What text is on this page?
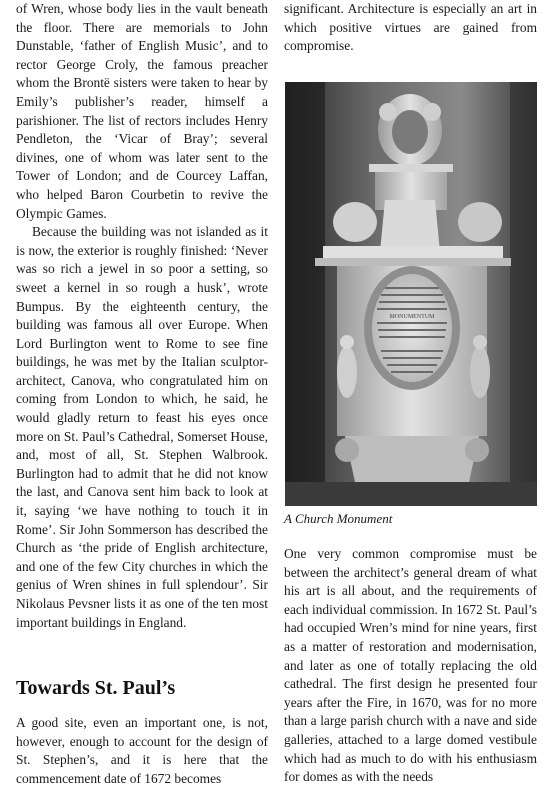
of Wren, whose body lies in the vault beneath the floor. There are memorials to John Dunstable, ‘father of English Music’, and to rector George Croly, the famous preacher whom the Brontë sisters were taken to hear by Emily’s publisher’s reader, himself a parishioner. The list of rectors includes Henry Pendleton, the ‘Vicar of Bray’; several divines, one of whom was later sent to the Tower of London; and de Courcey Laffan, who helped Baron Courbetin to revive the Olympic Games.

Because the building was not islanded as it is now, the exterior is roughly finished: ‘Never was so rich a jewel in so poor a setting, so sweet a kernel in so rough a husk’, wrote Bumpus. By the eighteenth century, the building was famous all over Europe. When Lord Burlington went to Rome to see fine buildings, he was met by the Italian sculptor-architect, Canova, who congratulated him on coming from London to which, he said, he would gladly return to feast his eyes once more on St. Paul’s Cathedral, Somerset House, and, most of all, St. Stephen Walbrook. Burlington had to admit that he did not know the last, and Canova sent him back to look at it, saying ‘we have nothing to touch it in Rome’. Sir John Sommerson has described the Church as ‘the pride of English architecture, and one of the few City churches in which the genius of Wren shines in full splendour’. Sir Nikolaus Pevsner lists it as one of the ten most important buildings in England.

Towards St. Paul’s

A good site, even an important one, is not, however, enough to account for the design of St. Stephen’s, and it is here that the commencement date of 1672 becomes

significant. Architecture is especially an art in which positive virtues are gained from compromise.

MONUMENTUM
A Church Monument

One very common compromise must be between the architect’s general dream of what his art is all about, and the requirements of each individual commission. In 1672 St. Paul’s had occupied Wren’s mind for nine years, first as a matter of restoration and modernisation, and later as one of totally replacing the old cathedral. The first design he presented four years after the Fire, in 1670, was for no more than a large parish church with a nave and side galleries, attached to a large domed vestibule which had as much to do with his enthusiasm for domes as with the needs
